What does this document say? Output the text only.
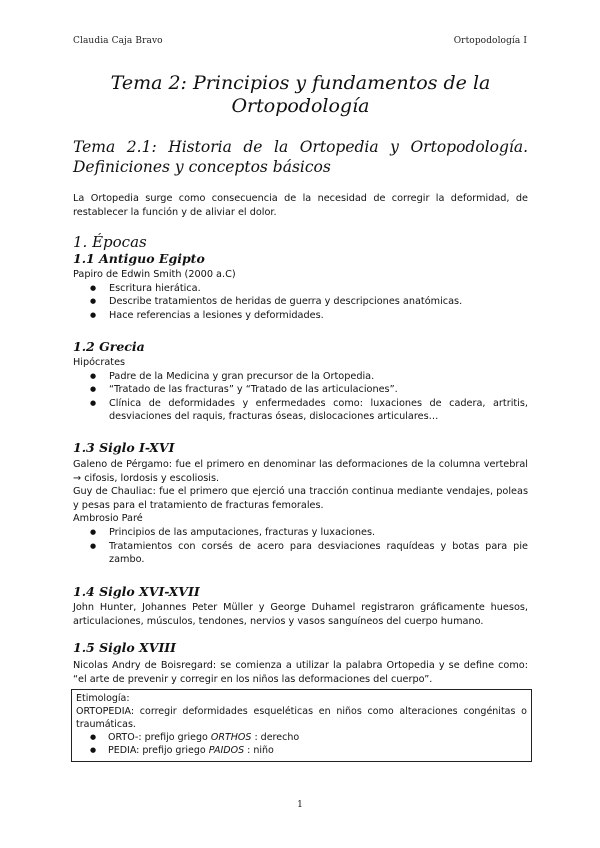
Claudia Caja Bravo	Ortopodología I
Tema 2: Principios y fundamentos de la Ortopodología
Tema 2.1: Historia de la Ortopedia y Ortopodología. Definiciones y conceptos básicos
La Ortopedia surge como consecuencia de la necesidad de corregir la deformidad, de restablecer la función y de aliviar el dolor.
1. Épocas
1.1 Antiguo Egipto
Papiro de Edwin Smith (2000 a.C)
● Escritura hierática.
● Describe tratamientos de heridas de guerra y descripciones anatómicas.
● Hace referencias a lesiones y deformidades.
1.2 Grecia
Hipócrates
● Padre de la Medicina y gran precursor de la Ortopedia.
● “Tratado de las fracturas” y “Tratado de las articulaciones”.
● Clínica de deformidades y enfermedades como: luxaciones de cadera, artritis, desviaciones del raquis, fracturas óseas, dislocaciones articulares…
1.3 Siglo I-XVI
Galeno de Pérgamo: fue el primero en denominar las deformaciones de la columna vertebral → cifosis, lordosis y escoliosis.
Guy de Chauliac: fue el primero que ejerció una tracción continua mediante vendajes, poleas y pesas para el tratamiento de fracturas femorales.
Ambrosio Paré
● Principios de las amputaciones, fracturas y luxaciones.
● Tratamientos con corsés de acero para desviaciones raquídeas y botas para pie zambo.
1.4 Siglo XVI-XVII
John Hunter, Johannes Peter Müller y George Duhamel registraron gráficamente huesos, articulaciones, músculos, tendones, nervios y vasos sanguíneos del cuerpo humano.
1.5 Siglo XVIII
Nicolas Andry de Boisregard: se comienza a utilizar la palabra Ortopedia y se define como: “el arte de prevenir y corregir en los niños las deformaciones del cuerpo”.
Etimología:
ORTOPEDIA: corregir deformidades esqueléticas en niños como alteraciones congénitas o traumáticas.
● ORTO-: prefijo griego ORTHOS : derecho
● PEDIA: prefijo griego PAIDOS : niño
1
